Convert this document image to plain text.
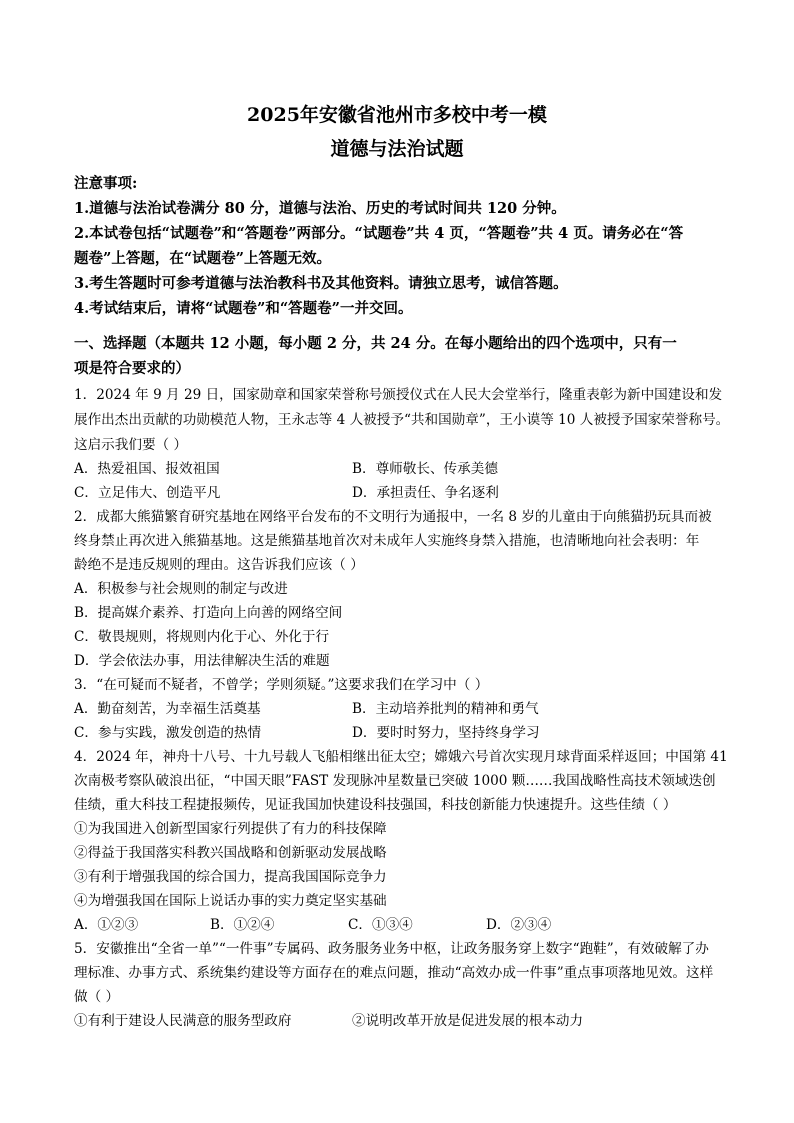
2025年安徽省池州市多校中考一模
道德与法治试题
注意事项:
1.道德与法治试卷满分 80 分，道德与法治、历史的考试时间共 120 分钟。
2.本试卷包括“试题卷”和“答题卷”两部分。“试题卷”共 4 页，“答题卷”共 4 页。请务必在“答
题卷”上答题，在“试题卷”上答题无效。
3.考生答题时可参考道德与法治教科书及其他资料。请独立思考，诚信答题。
4.考试结束后，请将“试题卷”和“答题卷”一并交回。
一、选择题（本题共 12 小题，每小题 2 分，共 24 分。在每小题给出的四个选项中，只有一
项是符合要求的）
1．2024 年 9 月 29 日，国家勋章和国家荣誉称号颁授仪式在人民大会堂举行，隆重表彰为新中国建设和发
展作出杰出贡献的功勋模范人物，王永志等 4 人被授予“共和国勋章”，王小谟等 10 人被授予国家荣誉称号。
这启示我们要（ ）
A．热爱祖国、报效祖国	B．尊师敬长、传承美德
C．立足伟大、创造平凡	D．承担责任、争名逐利
2．成都大熊猫繁育研究基地在网络平台发布的不文明行为通报中，一名 8 岁的儿童由于向熊猫扔玩具而被
终身禁止再次进入熊猫基地。这是熊猫基地首次对未成年人实施终身禁入措施，也清晰地向社会表明：年
龄绝不是违反规则的理由。这告诉我们应该（ ）
A．积极参与社会规则的制定与改进
B．提高媒介素养、打造向上向善的网络空间
C．敬畏规则，将规则内化于心、外化于行
D．学会依法办事，用法律解决生活的难题
3．“在可疑而不疑者，不曾学；学则须疑。”这要求我们在学习中（ ）
A．勤奋刻苦，为幸福生活奠基	B．主动培养批判的精神和勇气
C．参与实践，激发创造的热情	D．要时时努力，坚持终身学习
4．2024 年，神舟十八号、十九号载人飞船相继出征太空；嫦娥六号首次实现月球背面采样返回；中国第 41
次南极考察队破浪出征，“中国天眼”FAST 发现脉冲星数量已突破 1000 颗……我国战略性高技术领域迭创
佳绩，重大科技工程捷报频传，见证我国加快建设科技强国，科技创新能力快速提升。这些佳绩（ ）
①为我国进入创新型国家行列提供了有力的科技保障
②得益于我国落实科教兴国战略和创新驱动发展战略
③有利于增强我国的综合国力，提高我国国际竞争力
④为增强我国在国际上说话办事的实力奠定坚实基础
A．①②③	B．①②④	C．①③④	D．②③④
5．安徽推出“全省一单”“一件事”专属码、政务服务业务中枢，让政务服务穿上数字“跑鞋”，有效破解了办
理标准、办事方式、系统集约建设等方面存在的难点问题，推动“高效办成一件事”重点事项落地见效。这样
做（ ）
①有利于建设人民满意的服务型政府	②说明改革开放是促进发展的根本动力
